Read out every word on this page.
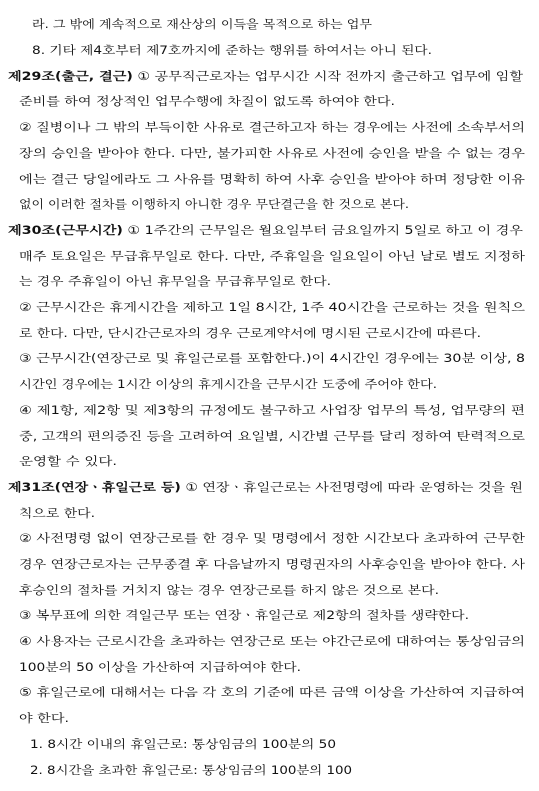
라. 그 밖에 계속적으로 재산상의 이득을 목적으로 하는 업무
8. 기타 제4호부터 제7호까지에 준하는 행위를 하여서는 아니 된다.
제29조(출근, 결근) ① 공무직근로자는 업무시간 시작 전까지 출근하고 업무에 임할
준비를 하여 정상적인 업무수행에 차질이 없도록 하여야 한다.
② 질병이나 그 밖의 부득이한 사유로 결근하고자 하는 경우에는 사전에 소속부서의
장의 승인을 받아야 한다. 다만, 불가피한 사유로 사전에 승인을 받을 수 없는 경우
에는 결근 당일에라도 그 사유를 명확히 하여 사후 승인을 받아야 하며 정당한 이유
없이 이러한 절차를 이행하지 아니한 경우 무단결근을 한 것으로 본다.
제30조(근무시간) ① 1주간의 근무일은 월요일부터 금요일까지 5일로 하고 이 경우
매주 토요일은 무급휴무일로 한다. 다만, 주휴일을 일요일이 아닌 날로 별도 지정하
는 경우 주휴일이 아닌 휴무일을 무급휴무일로 한다.
② 근무시간은 휴게시간을 제하고 1일 8시간, 1주 40시간을 근로하는 것을 원칙으
로 한다. 다만, 단시간근로자의 경우 근로계약서에 명시된 근로시간에 따른다.
③ 근무시간(연장근로 및 휴일근로를 포함한다.)이 4시간인 경우에는 30분 이상, 8
시간인 경우에는 1시간 이상의 휴게시간을 근무시간 도중에 주어야 한다.
④ 제1항, 제2항 및 제3항의 규정에도 불구하고 사업장 업무의 특성, 업무량의 편
중, 고객의 편의증진 등을 고려하여 요일별, 시간별 근무를 달리 정하여 탄력적으로
운영할 수 있다.
제31조(연장ㆍ휴일근로 등) ① 연장ㆍ휴일근로는 사전명령에 따라 운영하는 것을 원
칙으로 한다.
② 사전명령 없이 연장근로를 한 경우 및 명령에서 정한 시간보다 초과하여 근무한
경우 연장근로자는 근무종결 후 다음날까지 명령권자의 사후승인을 받아야 한다. 사
후승인의 절차를 거치지 않는 경우 연장근로를 하지 않은 것으로 본다.
③ 복무표에 의한 격일근무 또는 연장ㆍ휴일근로 제2항의 절차를 생략한다.
④ 사용자는 근로시간을 초과하는 연장근로 또는 야간근로에 대하여는 통상임금의
100분의 50 이상을 가산하여 지급하여야 한다.
⑤ 휴일근로에 대해서는 다음 각 호의 기준에 따른 금액 이상을 가산하여 지급하여
야 한다.
1. 8시간 이내의 휴일근로: 통상임금의 100분의 50
2. 8시간을 초과한 휴일근로: 통상임금의 100분의 100
